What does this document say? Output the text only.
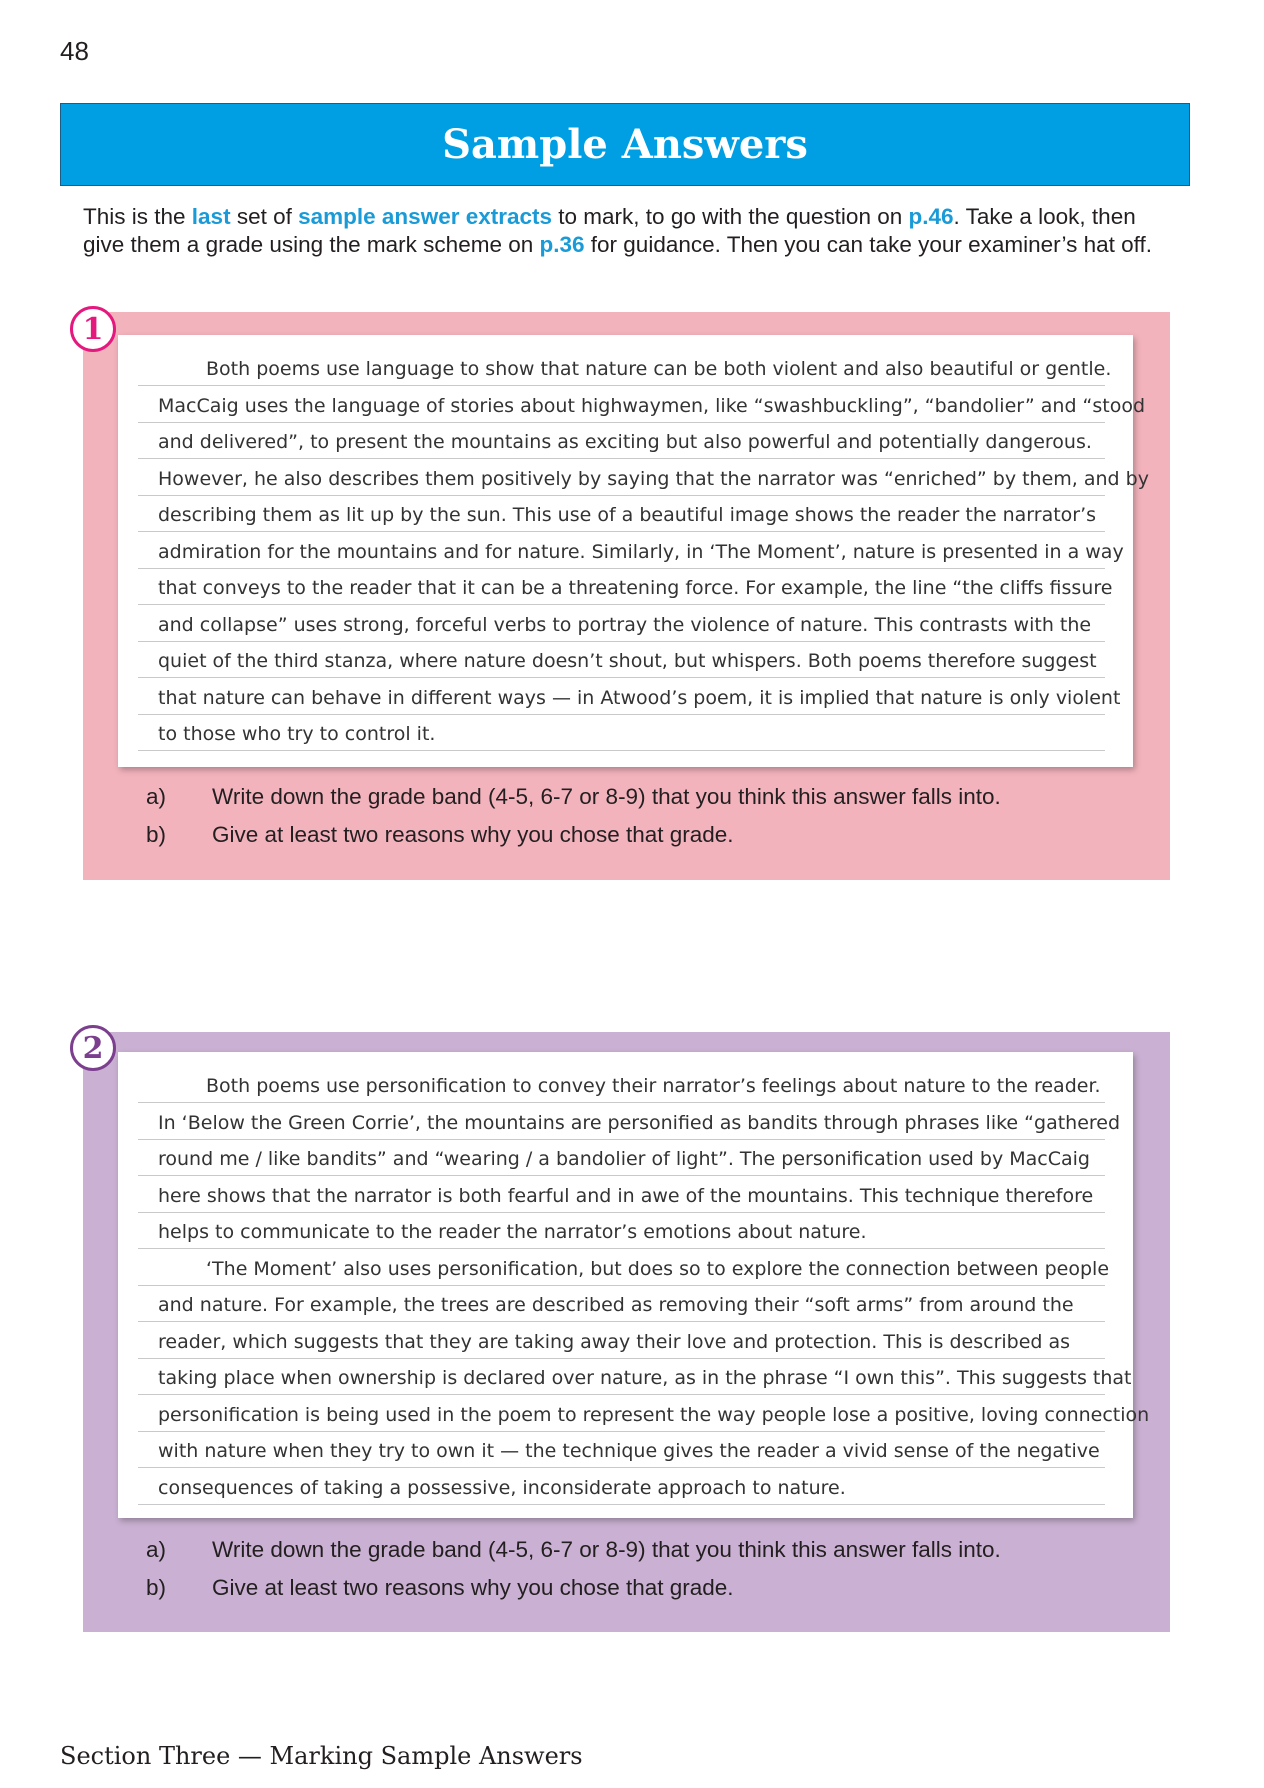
48
Sample Answers
This is the last set of sample answer extracts to mark, to go with the question on p.46. Take a look, then
give them a grade using the mark scheme on p.36 for guidance. Then you can take your examiner’s hat off.
1
Both poems use language to show that nature can be both violent and also beautiful or gentle.
MacCaig uses the language of stories about highwaymen, like “swashbuckling”, “bandolier” and “stood
and delivered”, to present the mountains as exciting but also powerful and potentially dangerous.
However, he also describes them positively by saying that the narrator was “enriched” by them, and by
describing them as lit up by the sun. This use of a beautiful image shows the reader the narrator’s
admiration for the mountains and for nature. Similarly, in ‘The Moment’, nature is presented in a way
that conveys to the reader that it can be a threatening force. For example, the line “the cliffs fissure
and collapse” uses strong, forceful verbs to portray the violence of nature. This contrasts with the
quiet of the third stanza, where nature doesn’t shout, but whispers. Both poems therefore suggest
that nature can behave in different ways — in Atwood’s poem, it is implied that nature is only violent
to those who try to control it.
a) Write down the grade band (4-5, 6-7 or 8-9) that you think this answer falls into.
b) Give at least two reasons why you chose that grade.
2
Both poems use personification to convey their narrator’s feelings about nature to the reader.
In ‘Below the Green Corrie’, the mountains are personified as bandits through phrases like “gathered
round me / like bandits” and “wearing / a bandolier of light”. The personification used by MacCaig
here shows that the narrator is both fearful and in awe of the mountains. This technique therefore
helps to communicate to the reader the narrator’s emotions about nature.
‘The Moment’ also uses personification, but does so to explore the connection between people
and nature. For example, the trees are described as removing their “soft arms” from around the
reader, which suggests that they are taking away their love and protection. This is described as
taking place when ownership is declared over nature, as in the phrase “I own this”. This suggests that
personification is being used in the poem to represent the way people lose a positive, loving connection
with nature when they try to own it — the technique gives the reader a vivid sense of the negative
consequences of taking a possessive, inconsiderate approach to nature.
a) Write down the grade band (4-5, 6-7 or 8-9) that you think this answer falls into.
b) Give at least two reasons why you chose that grade.
Section Three — Marking Sample Answers
